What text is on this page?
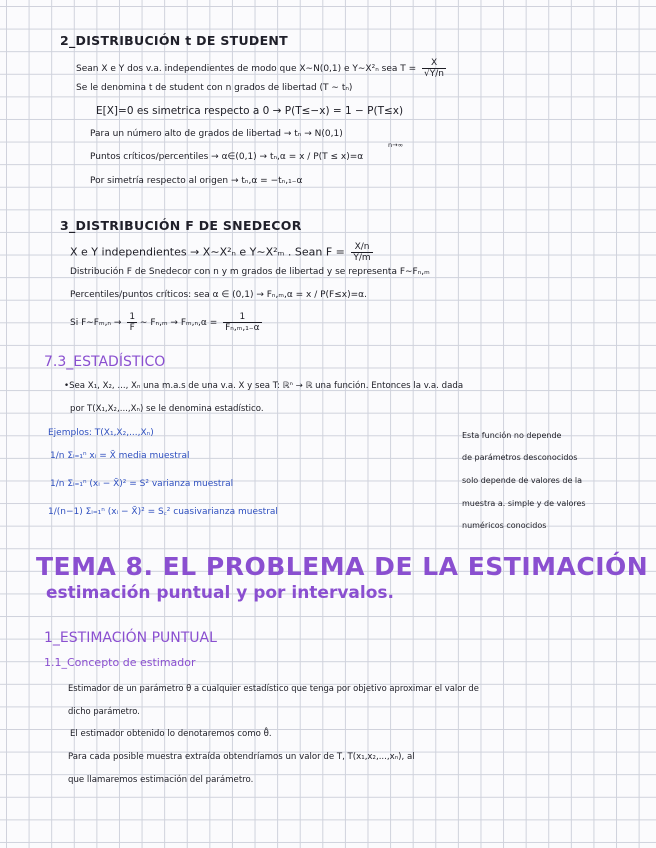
2_DISTRIBUCIÓN t DE STUDENT
Sean X e Y dos v.a. independientes de modo que X∼N(0,1) e Y∼X²ₙ sea $T = \frac{X}{√Y/n}$
Se le denomina t de student con n grados de libertad (T ∼ tₙ)
E[X]=0 es simetrica respecto a 0 → P(T≤−x) = 1 − P(T≤x)
Para un número alto de grados de libertad → tₙ → N(0,1)
n→∞
Puntos críticos/percentiles → α∈(0,1) → tₙ,α = x / P(T ≤ x)=α
Por simetría respecto al origen → tₙ,α = −tₙ,₁₋α
3_DISTRIBUCIÓN F DE SNEDECOR
X e Y independientes → X∼X²ₙ e Y∼X²ₘ . Sean $F = \frac{X/n}{Y/m}$
Distribución F de Snedecor con n y m grados de libertad y se representa F∼Fₙ,ₘ
Percentiles/puntos críticos: sea α ∈ (0,1) → Fₙ,ₘ,α = x / P(F≤x)=α.
Si F∼Fₘ,ₙ → $\frac{1}{F}$ ∼ $F_n,_m \to F_m,_n,\alpha = \frac{1}{\text{Fₙ,ₘ,₁₋α}}$
7.3_ESTADÍSTICO
•Sea X₁, X₂, ..., Xₙ una m.a.s de una v.a. X y sea T: ℝⁿ → ℝ una función. Entonces la v.a. dada
por T(X₁,X₂,...,Xₙ) se le denomina estadístico.
Ejemplos: T(X₁,X₂,...,Xₙ)
1/n Σᵢ₌₁ⁿ xᵢ = X̄ media muestral
1/n Σᵢ₌₁ⁿ (xᵢ − X̄)² = S² varianza muestral
1/(n−1) Σᵢ₌₁ⁿ (xᵢ − X̄)² = S꜀² cuasivarianza muestral
Esta función no depende
de parámetros desconocidos
solo depende de valores de la
muestra a. simple y de valores
numéricos conocidos
TEMA 8. EL PROBLEMA DE LA ESTIMACIÓN
estimación puntual y por intervalos.
1_ESTIMACIÓN PUNTUAL
1.1_Concepto de estimador
Estimador de un parámetro θ a cualquier estadístico que tenga por objetivo aproximar el valor de
dicho parámetro.
El estimador obtenido lo denotaremos como θ̂.
Para cada posible muestra extraída obtendríamos un valor de T, T(x₁,x₂,...,xₙ), al
que llamaremos estimación del parámetro.
